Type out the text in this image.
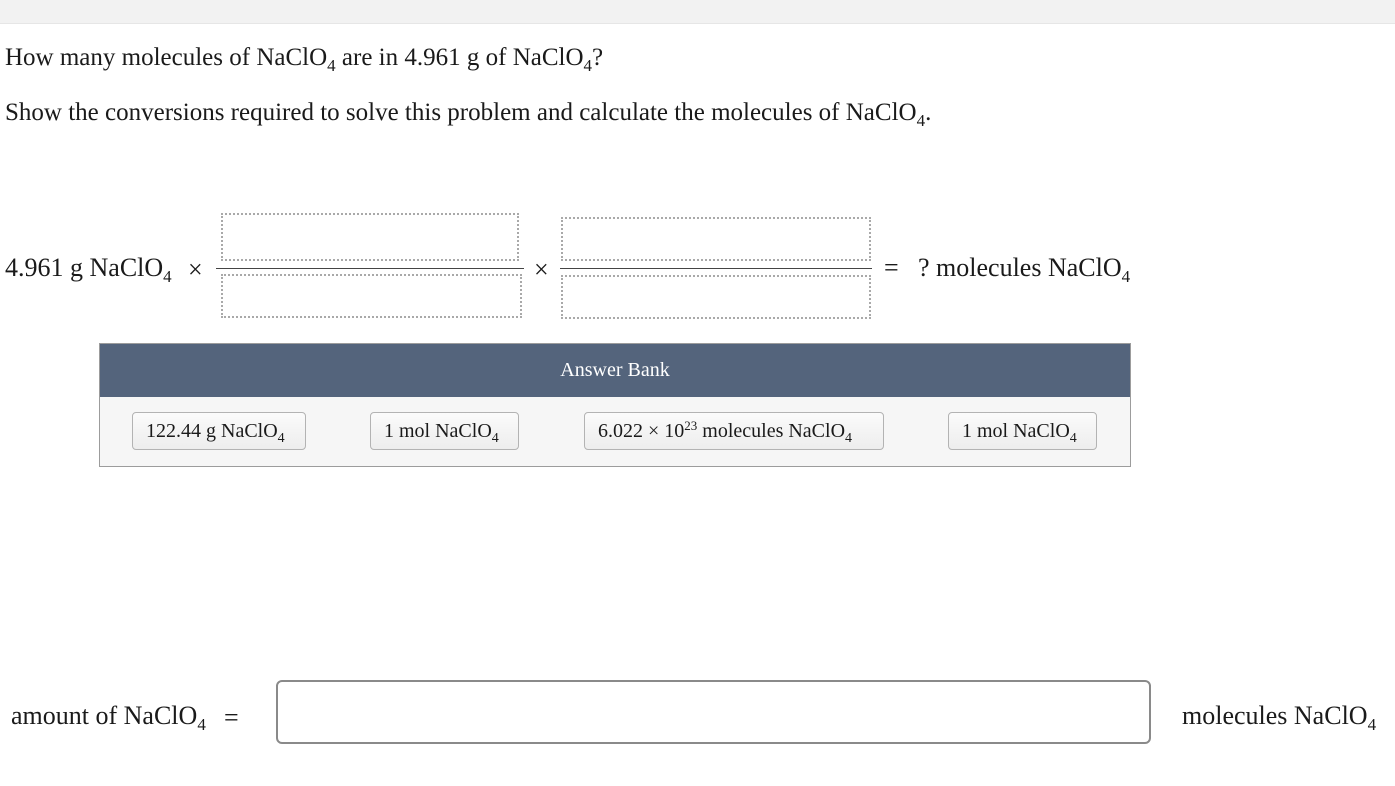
How many molecules of NaClO$_4$ are in 4.961 g of NaClO$_4$?
Show the conversions required to solve this problem and calculate the molecules of NaClO$_4$.
4.961 g NaClO$_4$ ×	×	= ? molecules NaClO$_4$
Answer Bank
122.44 g NaClO$_4$	1 mol NaClO$_4$	$6.022 \times 10^{23}$ molecules NaClO$_4$	1 mol NaClO$_4$
amount of NaClO$_4$ =	molecules NaClO$_4$
